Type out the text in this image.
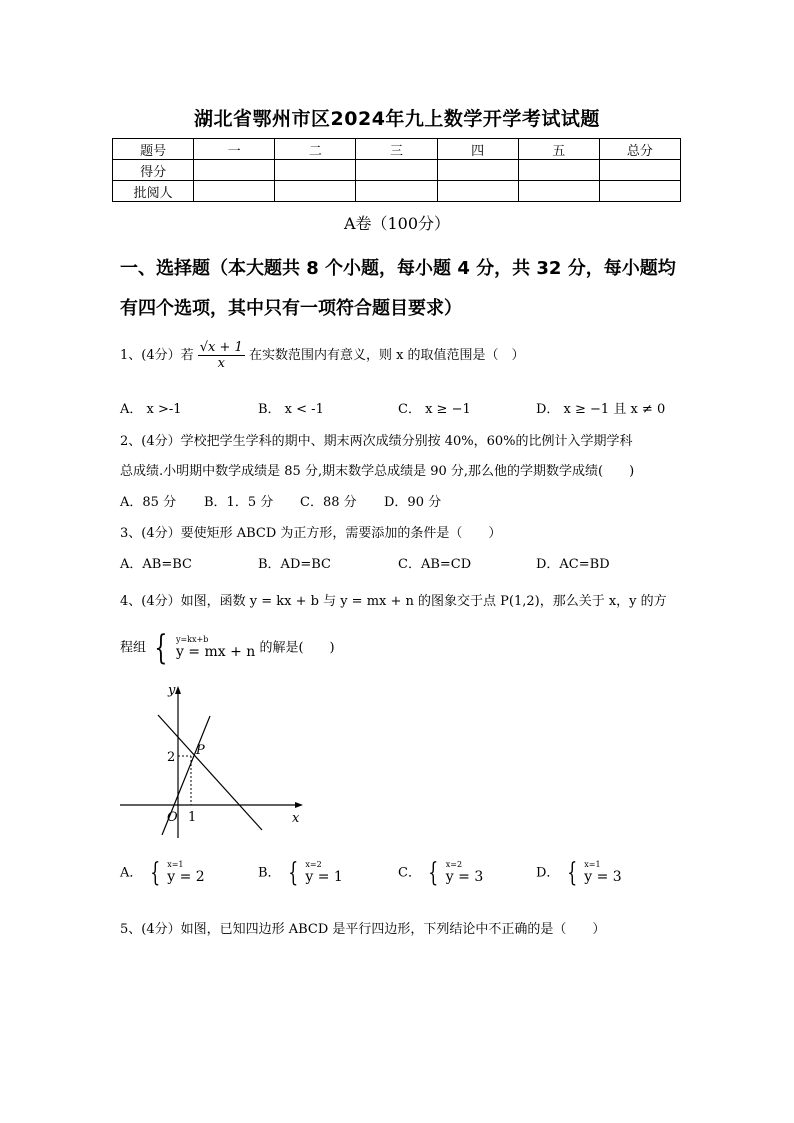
湖北省鄂州市区2024年九上数学开学考试试题
题号	一	二	三	四	五	总分
得分						
批阅人						
A卷（100分）
一、选择题（本大题共 8 个小题，每小题 4 分，共 32 分，每小题均
有四个选项，其中只有一项符合题目要求）
1、(4分）若 $\frac{√x + 1}{x}$ 在实数范围内有意义，则 x 的取值范围是（　）
A． x >-1	B． x < -1	C． x ≥ −1	D． x ≥ −1 且 x ≠ 0
2、(4分）学校把学生学科的期中、期末两次成绩分别按 40%，60%的比例计入学期学科
总成绩.小明期中数学成绩是 85 分,期末数学总成绩是 90 分,那么他的学期数学成绩(　　)
A．85 分 B．1．5 分 C．88 分 D．90 分
3、(4分）要使矩形 ABCD 为正方形，需要添加的条件是（　　）
A．AB=BC	B．AD=BC	C．AB=CD	D．AC=BD
4、(4分）如图，函数 y = kx + b 与 y = mx + n 的图象交于点 P(1,2)，那么关于 x，y 的方
程组 { y=kx+b
y = mx + n 的解是(　　)
y
x
O
2
1
P
A． { x=1
y = 2	B． { x=2
y = 1	C． { x=2
y = 3	D． { x=1
y = 3
5、(4分）如图，已知四边形 ABCD 是平行四边形，下列结论中不正确的是（　　）
